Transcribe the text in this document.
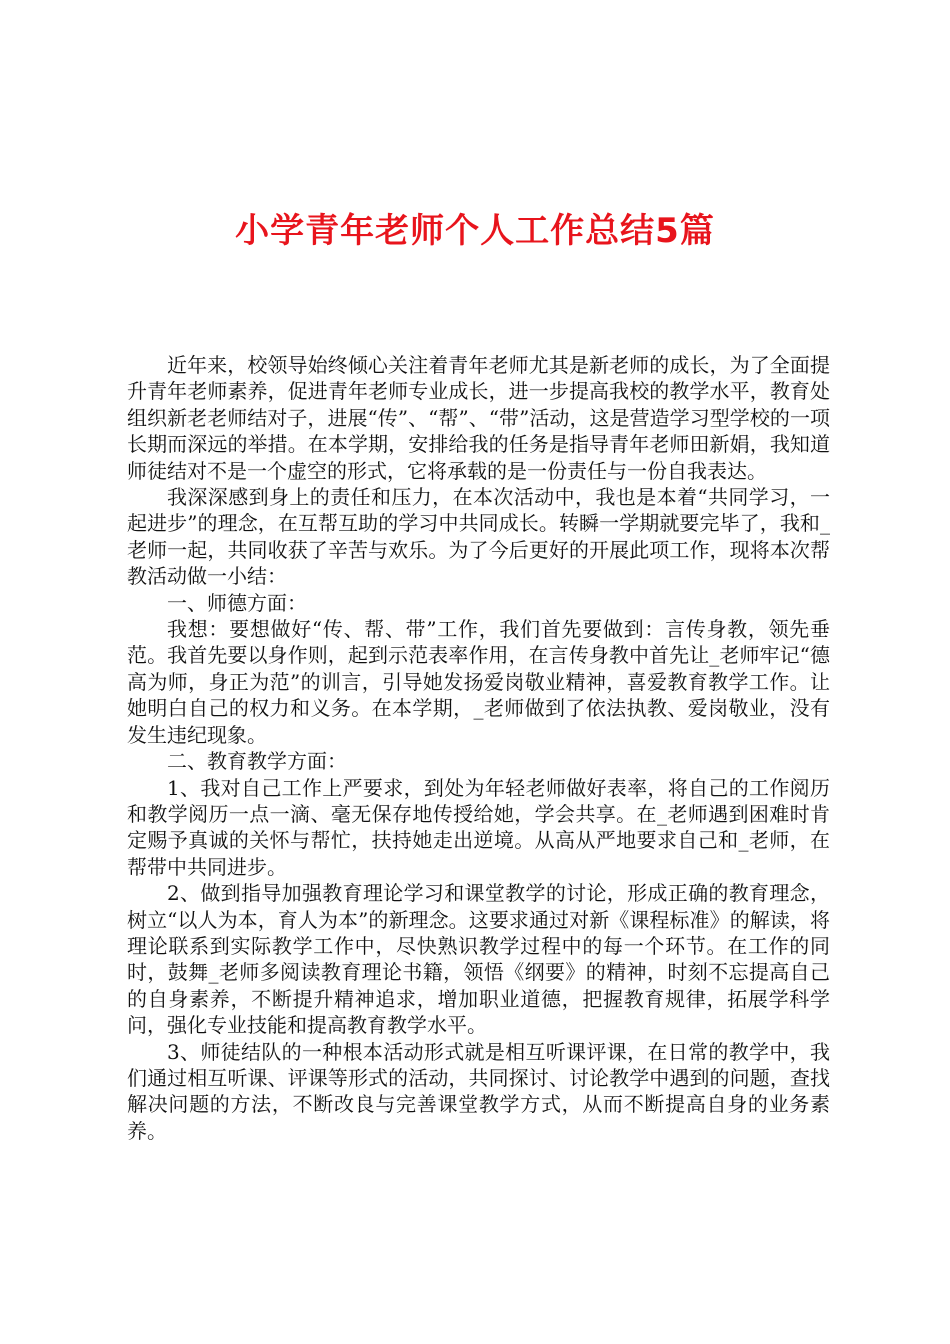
小学青年老师个人工作总结5篇

近年来，校领导始终倾心关注着青年老师尤其是新老师的成长，为了全面提升青年老师素养，促进青年老师专业成长，进一步提高我校的教学水平，教育处组织新老老师结对子，进展“传”、“帮”、“带”活动，这是营造学习型学校的一项长期而深远的举措。在本学期，安排给我的任务是指导青年老师田新娟，我知道师徒结对不是一个虚空的形式，它将承载的是一份责任与一份自我表达。

我深深感到身上的责任和压力，在本次活动中，我也是本着“共同学习，一起进步”的理念，在互帮互助的学习中共同成长。转瞬一学期就要完毕了，我和_老师一起，共同收获了辛苦与欢乐。为了今后更好的开展此项工作，现将本次帮教活动做一小结：

一、师德方面：

我想：要想做好“传、帮、带”工作，我们首先要做到：言传身教，领先垂范。我首先要以身作则，起到示范表率作用，在言传身教中首先让_老师牢记“德高为师，身正为范”的训言，引导她发扬爱岗敬业精神，喜爱教育教学工作。让她明白自己的权力和义务。在本学期，_老师做到了依法执教、爱岗敬业，没有发生违纪现象。

二、教育教学方面：

1、我对自己工作上严要求，到处为年轻老师做好表率，将自己的工作阅历和教学阅历一点一滴、毫无保存地传授给她，学会共享。在_老师遇到困难时肯定赐予真诚的关怀与帮忙，扶持她走出逆境。从高从严地要求自己和_老师，在帮带中共同进步。

2、做到指导加强教育理论学习和课堂教学的讨论，形成正确的教育理念，树立“以人为本，育人为本”的新理念。这要求通过对新《课程标准》的解读，将理论联系到实际教学工作中，尽快熟识教学过程中的每一个环节。在工作的同时，鼓舞_老师多阅读教育理论书籍，领悟《纲要》的精神，时刻不忘提高自己的自身素养，不断提升精神追求，增加职业道德，把握教育规律，拓展学科学问，强化专业技能和提高教育教学水平。

3、师徒结队的一种根本活动形式就是相互听课评课，在日常的教学中，我们通过相互听课、评课等形式的活动，共同探讨、讨论教学中遇到的问题，查找解决问题的方法，不断改良与完善课堂教学方式，从而不断提高自身的业务素养。
